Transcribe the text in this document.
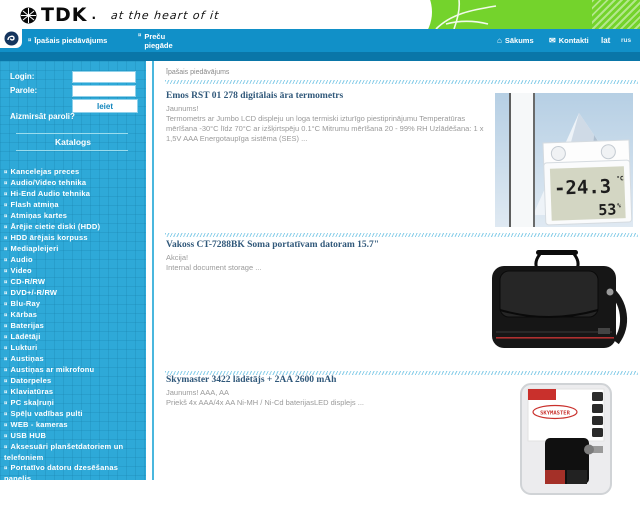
TDK . at the heart of it
¤ Īpašais piedāvājums	¤ Preču piegāde
⌂ Sākums ✉ Kontakti lat rus
Login:
Parole:
Ieiet
Aizmirsāt paroli?
Katalogs
¤ Kancelejas preces
¤ Audio/Video tehnika
¤ Hi-End Audio tehnika
¤ Flash atmiņa
¤ Atmiņas kartes
¤ Ārējie cietie diski (HDD)
¤ HDD ārējais korpuss
¤ Mediapleijeri
¤ Audio
¤ Video
¤ CD-R/RW
¤ DVD+/-R/RW
¤ Blu-Ray
¤ Kārbas
¤ Baterijas
¤ Lādētāji
¤ Lukturi
¤ Austiņas
¤ Austiņas ar mikrofonu
¤ Datorpeles
¤ Klaviatūras
¤ PC skaļruņi
¤ Spēļu vadības pulti
¤ WEB - kameras
¤ USB HUB
¤ Aksesuāri planšetdatoriem un telefoniem
¤ Portatīvo datoru dzesēšanas panelis
¤ Somas portatīviem datoriem
¤ Tīrīšanas līdzekļi datortehnikai
Īpašais piedāvājums
Emos RST 01 278 digitālais āra termometrs
Jaunums!
Termometrs ar Jumbo LCD displeju un loga termiski izturīgo piestiprinājumu Temperatūras mērīšana -30°C līdz 70°C ar izšķirtspēju 0.1°C Mitrumu mērīšana 20 - 99% RH Uzlādēšana: 1 x 1,5V AAA Energotaupīga sistēma (SES) ...
-24.3 °C
53 %
Vakoss CT-7288BK Soma portatīvam datoram 15.7"
Akcija!
Internal document storage ...
Skymaster 3422 lādētājs + 2AA 2600 mAh
Jaunums! AAA, AA
Priekš 4x AAA/4x AA Ni-MH / Ni-Cd baterijasLED displejs ...
SKYMASTER
